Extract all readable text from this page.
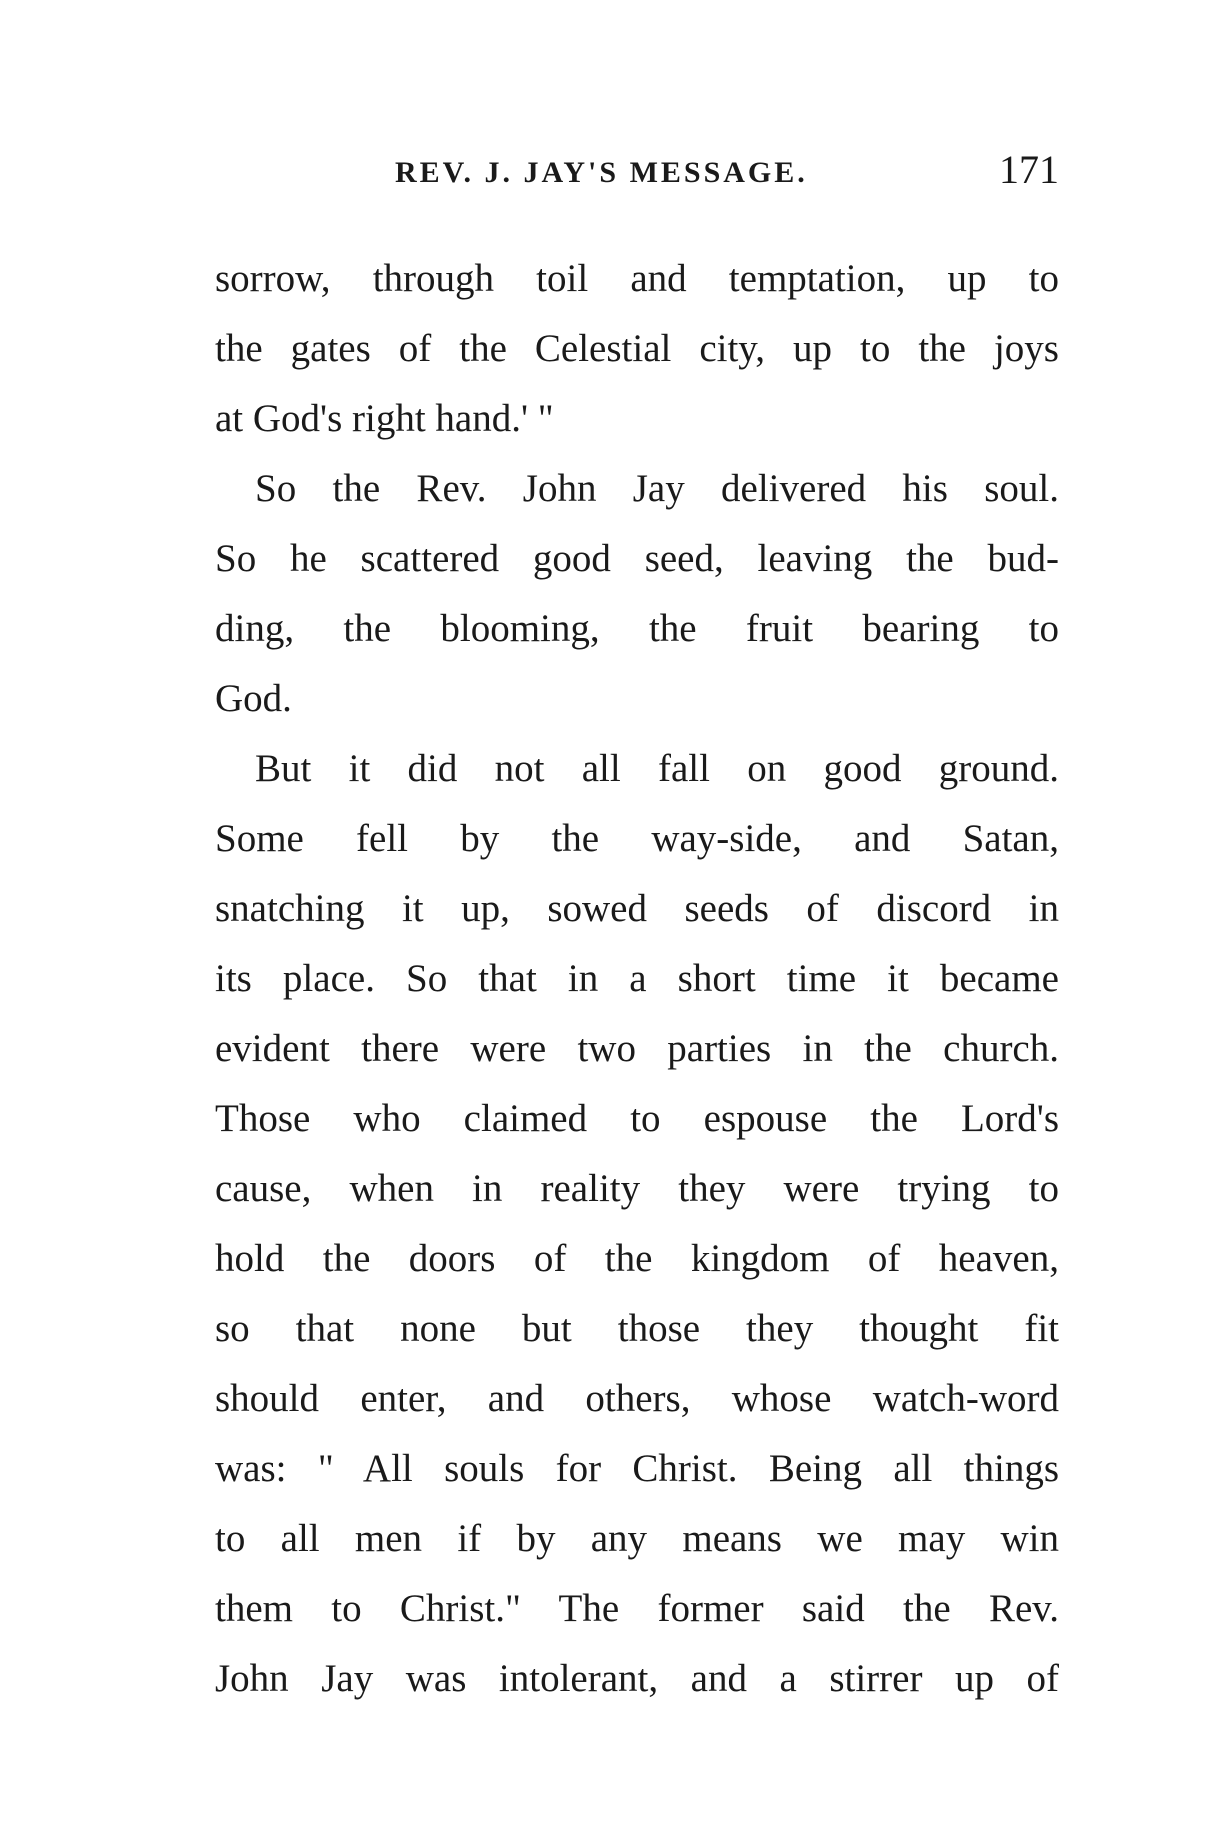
REV. J. JAY'S MESSAGE.	171
sorrow, through toil and temptation, up to
the gates of the Celestial city, up to the joys
at God's right hand.' "
So the Rev. John Jay delivered his soul.
So he scattered good seed, leaving the bud-
ding, the blooming, the fruit bearing to
God.
But it did not all fall on good ground.
Some fell by the way-side, and Satan,
snatching it up, sowed seeds of discord in
its place. So that in a short time it became
evident there were two parties in the church.
Those who claimed to espouse the Lord's
cause, when in reality they were trying to
hold the doors of the kingdom of heaven,
so that none but those they thought fit
should enter, and others, whose watch-word
was: " All souls for Christ. Being all things
to all men if by any means we may win
them to Christ." The former said the Rev.
John Jay was intolerant, and a stirrer up of
